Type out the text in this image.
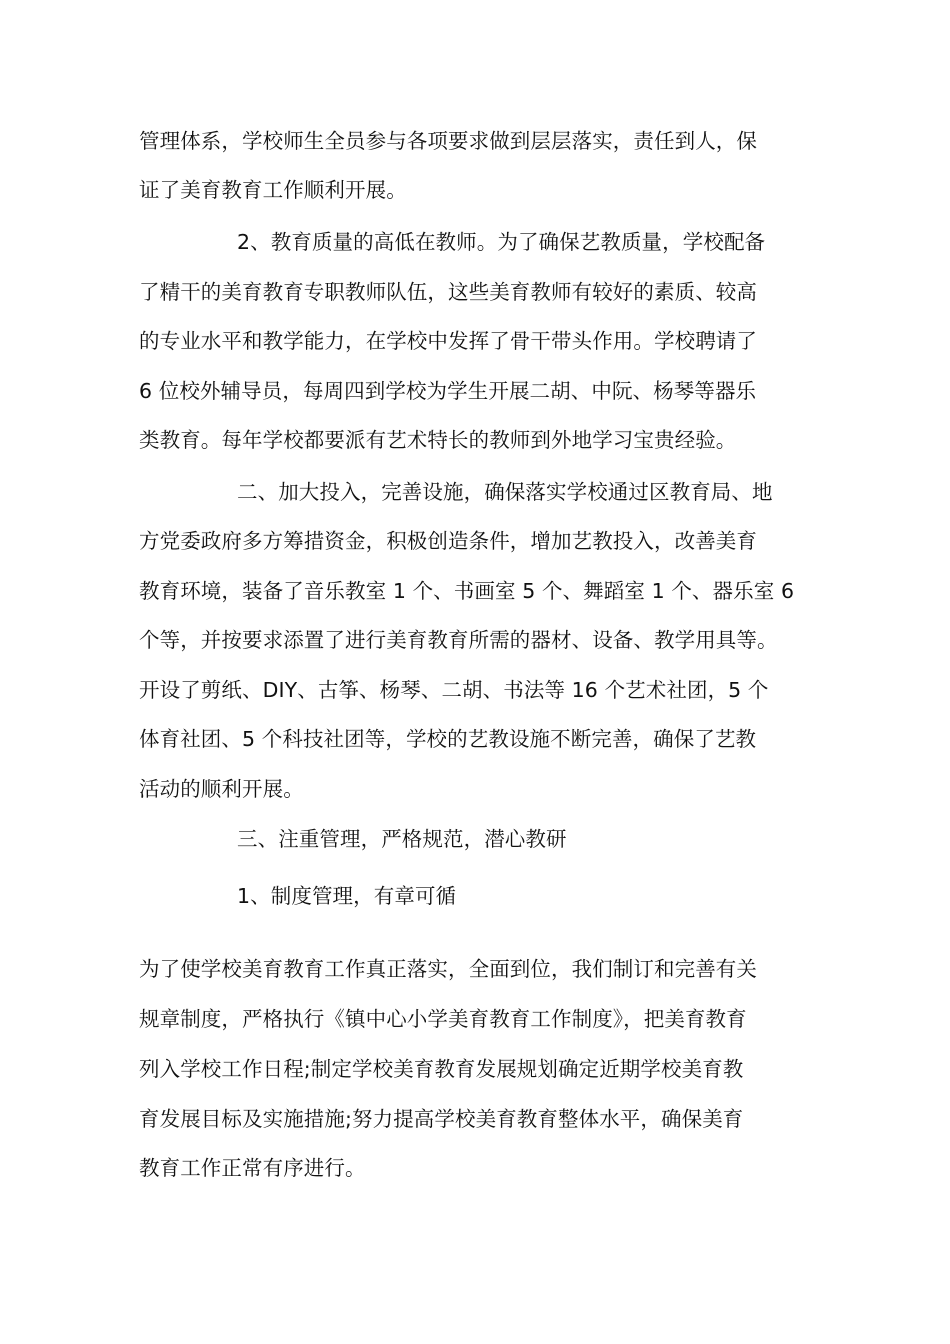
管理体系，学校师生全员参与各项要求做到层层落实，责任到人，保
证了美育教育工作顺利开展。
2、教育质量的高低在教师。为了确保艺教质量，学校配备
了精干的美育教育专职教师队伍，这些美育教师有较好的素质、较高
的专业水平和教学能力，在学校中发挥了骨干带头作用。学校聘请了
6 位校外辅导员，每周四到学校为学生开展二胡、中阮、杨琴等器乐
类教育。每年学校都要派有艺术特长的教师到外地学习宝贵经验。
二、加大投入，完善设施，确保落实学校通过区教育局、地
方党委政府多方筹措资金，积极创造条件，增加艺教投入，改善美育
教育环境，装备了音乐教室 1 个、书画室 5 个、舞蹈室 1 个、器乐室 6
个等，并按要求添置了进行美育教育所需的器材、设备、教学用具等。
开设了剪纸、DIY、古筝、杨琴、二胡、书法等 16 个艺术社团，5 个
体育社团、5 个科技社团等，学校的艺教设施不断完善，确保了艺教
活动的顺利开展。
三、注重管理，严格规范，潜心教研
1、制度管理，有章可循
为了使学校美育教育工作真正落实，全面到位，我们制订和完善有关
规章制度，严格执行《镇中心小学美育教育工作制度》，把美育教育
列入学校工作日程;制定学校美育教育发展规划确定近期学校美育教
育发展目标及实施措施;努力提高学校美育教育整体水平，确保美育
教育工作正常有序进行。
